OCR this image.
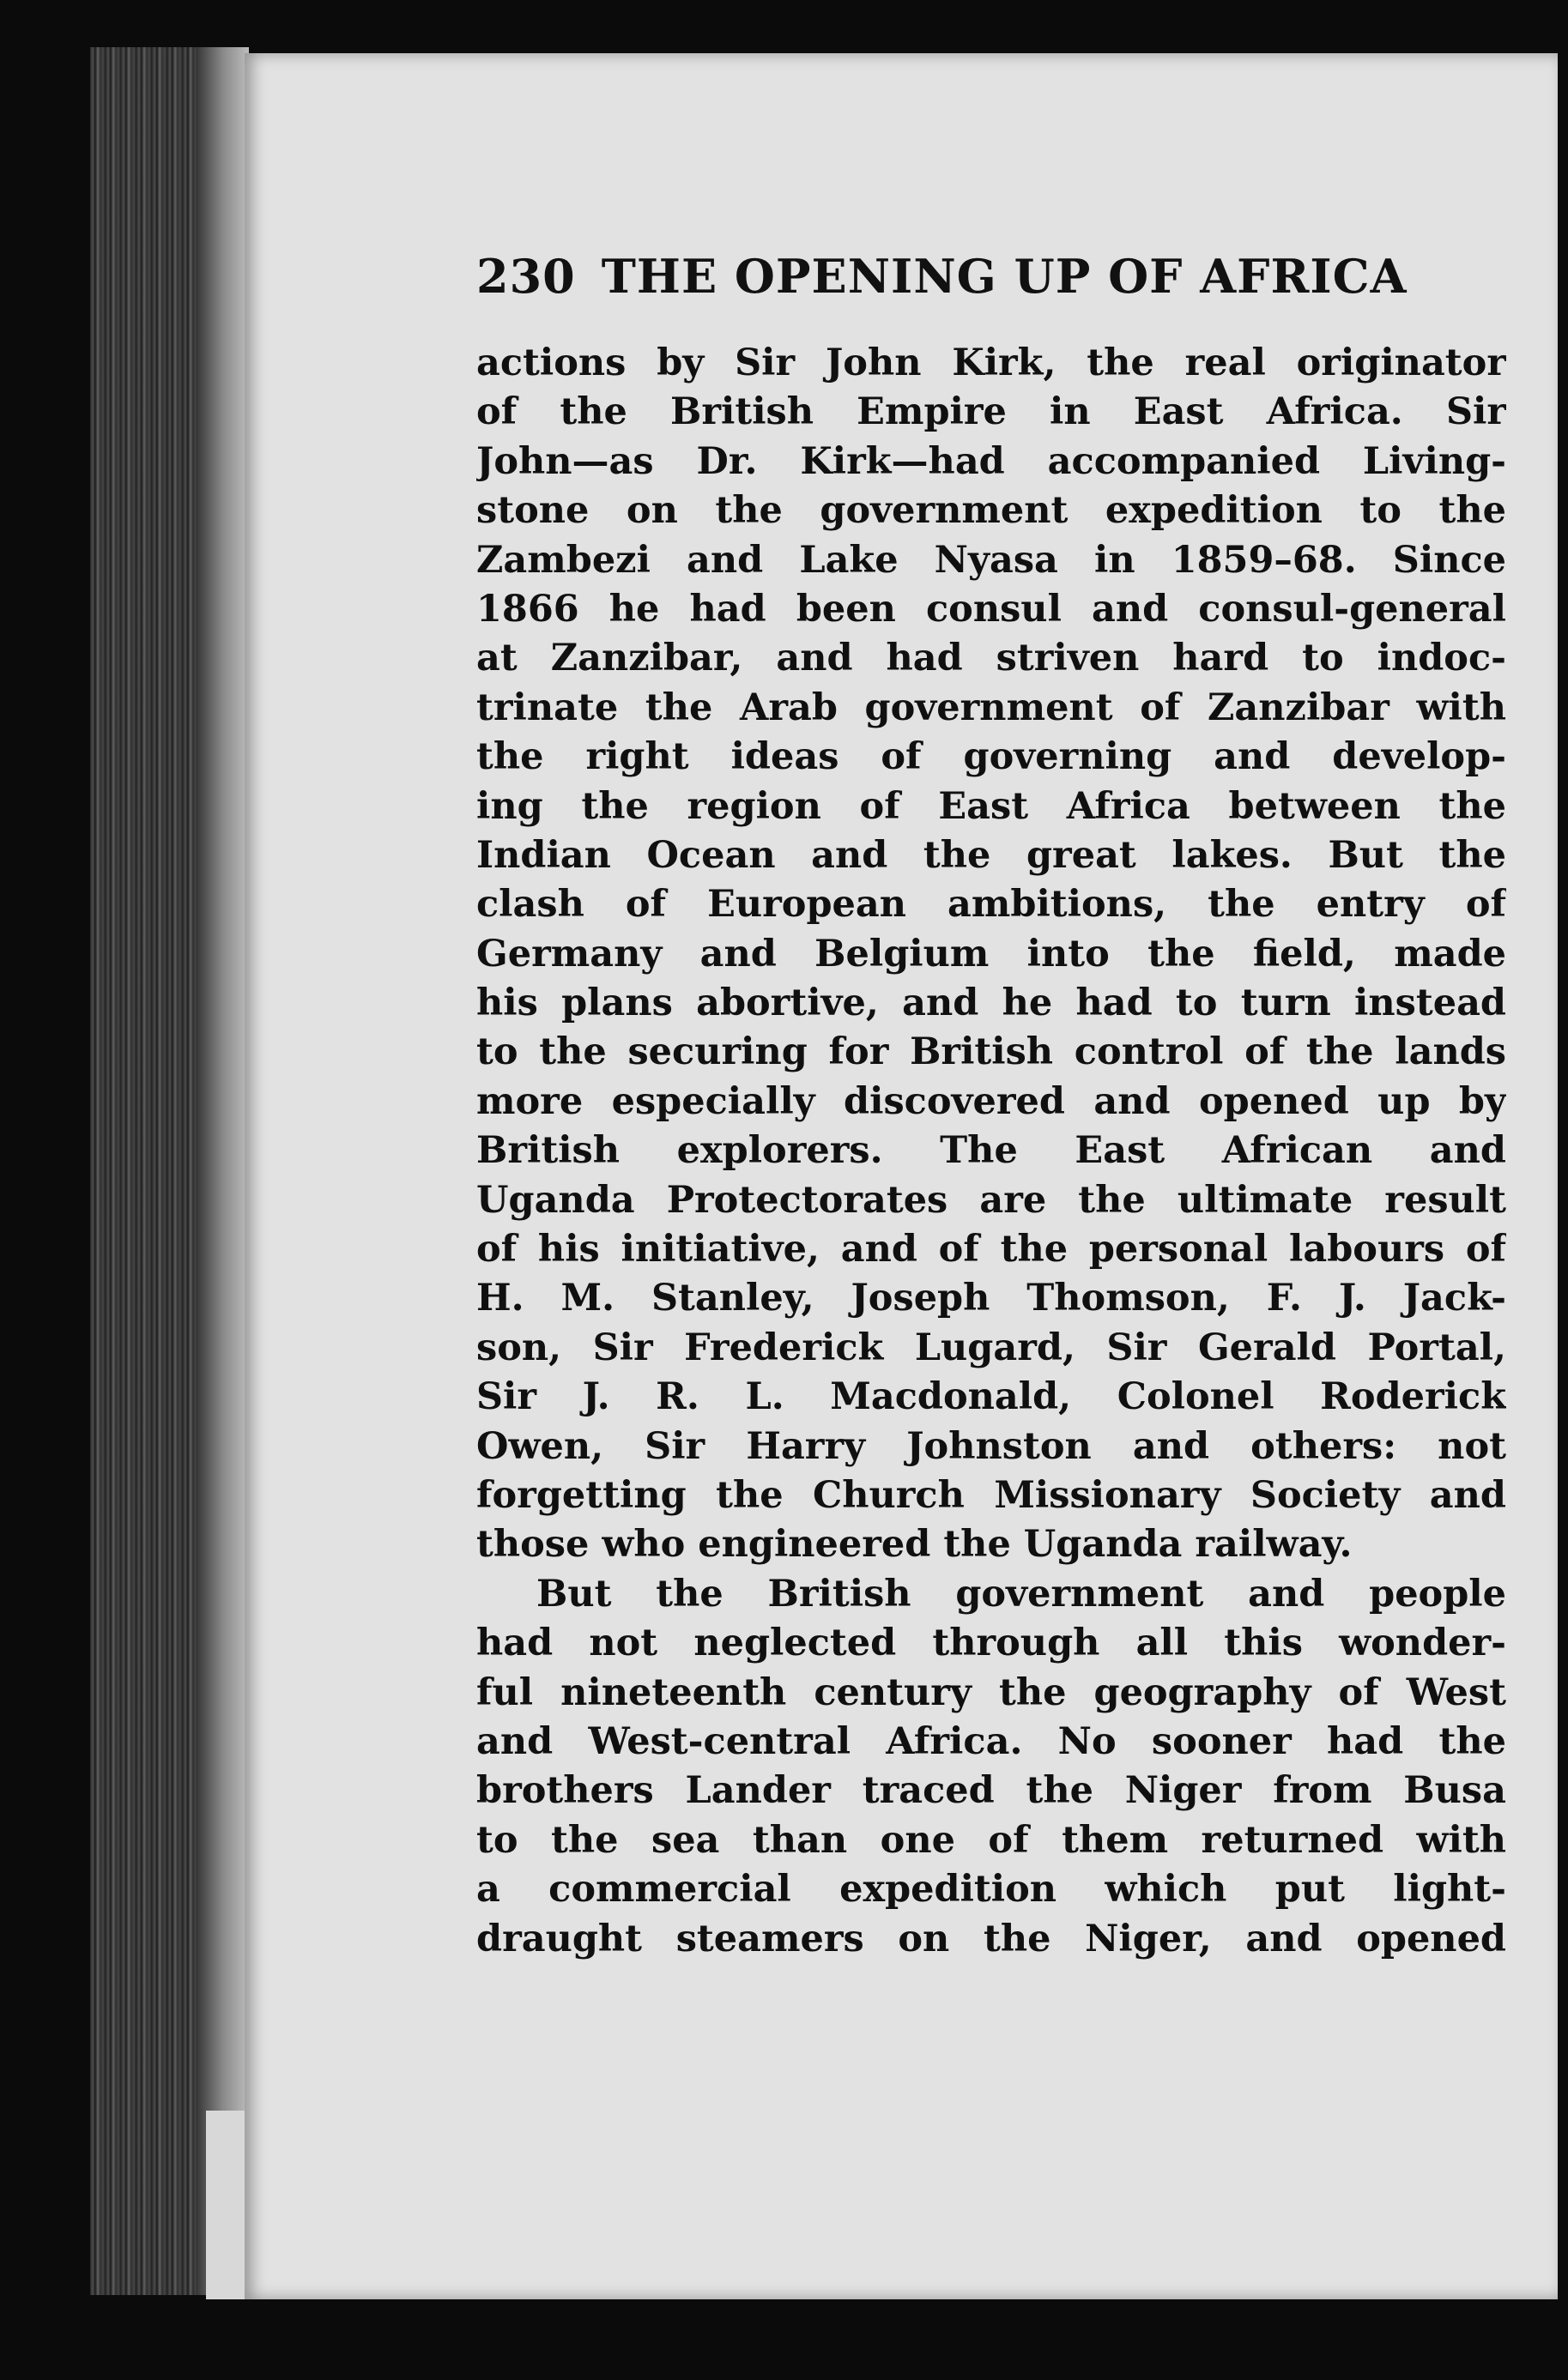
230 THE OPENING UP OF AFRICA
actions by Sir John Kirk, the real originator
of the British Empire in East Africa. Sir
John—as Dr. Kirk—had accompanied Living-
stone on the government expedition to the
Zambezi and Lake Nyasa in 1859–68. Since
1866 he had been consul and consul-general
at Zanzibar, and had striven hard to indoc-
trinate the Arab government of Zanzibar with
the right ideas of governing and develop-
ing the region of East Africa between the
Indian Ocean and the great lakes. But the
clash of European ambitions, the entry of
Germany and Belgium into the field, made
his plans abortive, and he had to turn instead
to the securing for British control of the lands
more especially discovered and opened up by
British explorers. The East African and
Uganda Protectorates are the ultimate result
of his initiative, and of the personal labours of
H. M. Stanley, Joseph Thomson, F. J. Jack-
son, Sir Frederick Lugard, Sir Gerald Portal,
Sir J. R. L. Macdonald, Colonel Roderick
Owen, Sir Harry Johnston and others: not
forgetting the Church Missionary Society and
those who engineered the Uganda railway.
But the British government and people
had not neglected through all this wonder-
ful nineteenth century the geography of West
and West-central Africa. No sooner had the
brothers Lander traced the Niger from Busa
to the sea than one of them returned with
a commercial expedition which put light-
draught steamers on the Niger, and opened
